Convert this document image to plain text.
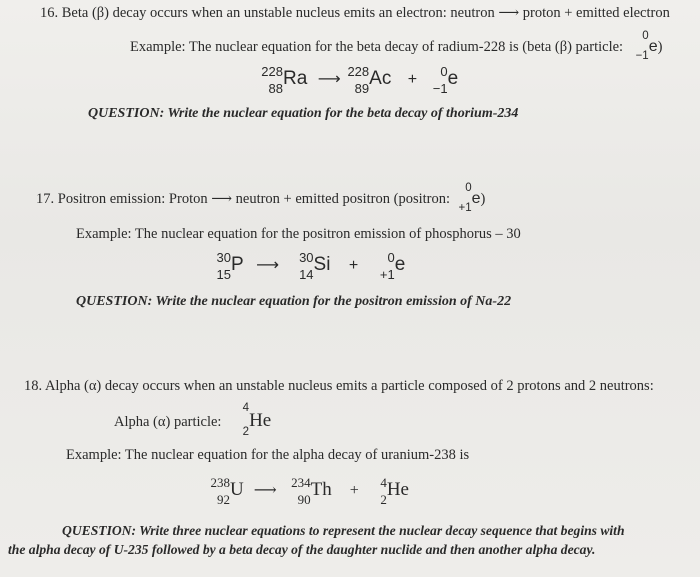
16. Beta (β) decay occurs when an unstable nucleus emits an electron: neutron ⟶ proton + emitted electron
Example: The nuclear equation for the beta decay of radium-228 is (beta (β) particle:
0
−1
e)
228
88 Ra ⟶ 228
89 Ac + 0
−1 e
QUESTION: Write the nuclear equation for the beta decay of thorium-234
17. Positron emission: Proton ⟶ neutron + emitted positron (positron:
0
+1
e)
Example: The nuclear equation for the positron emission of phosphorus – 30
30
15 P ⟶ 30
14 Si + 0
+1 e
QUESTION: Write the nuclear equation for the positron emission of Na-22
18. Alpha (α) decay occurs when an unstable nucleus emits a particle composed of 2 protons and 2 neutrons:
Alpha (α) particle:
4
2
He
Example: The nuclear equation for the alpha decay of uranium-238 is
238
92 U ⟶ 234
90 Th + 4
2 He
QUESTION: Write three nuclear equations to represent the nuclear decay sequence that begins with
the alpha decay of U-235 followed by a beta decay of the daughter nuclide and then another alpha decay.
